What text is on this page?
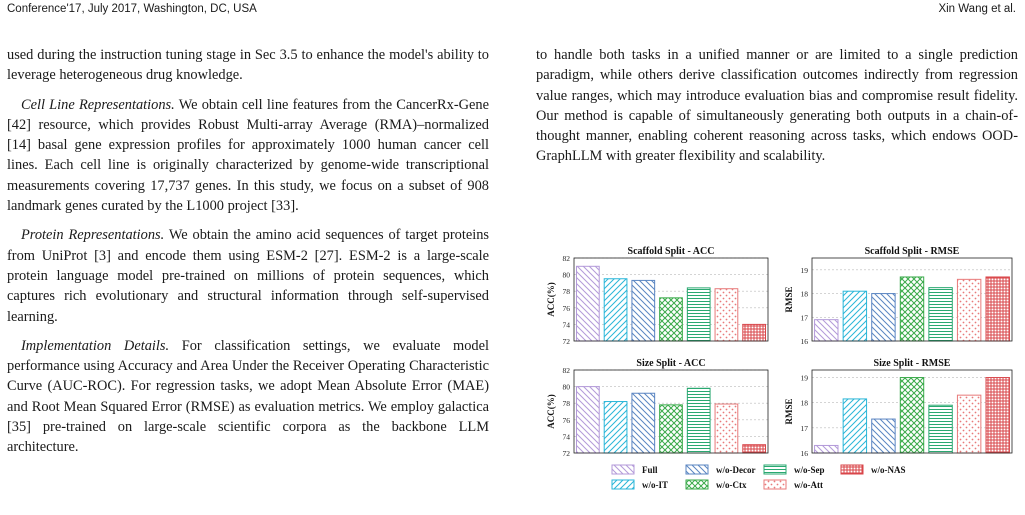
Conference'17, July 2017, Washington, DC, USA	Xin Wang et al.

used during the instruction tuning stage in Sec 3.5 to enhance the model's ability to leverage heterogeneous drug knowledge.

Cell Line Representations. We obtain cell line features from the CancerRx-Gene [42] resource, which provides Robust Multi-array Average (RMA)–normalized [14] basal gene expression profiles for approximately 1000 human cancer cell lines. Each cell line is originally characterized by genome-wide transcriptional measurements covering 17,737 genes. In this study, we focus on a subset of 908 landmark genes curated by the L1000 project [33].

Protein Representations. We obtain the amino acid sequences of target proteins from UniProt [3] and encode them using ESM-2 [27]. ESM-2 is a large-scale protein language model pre-trained on millions of protein sequences, which captures rich evolutionary and structural information through self-supervised learning.

Implementation Details. For classification settings, we evaluate model performance using Accuracy and Area Under the Receiver Operating Characteristic Curve (AUC-ROC). For regression tasks, we adopt Mean Absolute Error (MAE) and Root Mean Squared Error (RMSE) as evaluation metrics. We employ galactica [35] pre-trained on large-scale scientific corpora as the backbone LLM architecture.

to handle both tasks in a unified manner or are limited to a single prediction paradigm, while others derive classification outcomes indirectly from regression value ranges, which may introduce evaluation bias and compromise result fidelity. Our method is capable of simultaneously generating both outputs in a chain-of-thought manner, enabling coherent reasoning across tasks, which endows OOD-GraphLLM with greater flexibility and scalability.

72
74
76
78
80
82
Scaffold Split - ACC
ACC(%)
16
17
18
19
Scaffold Split - RMSE
RMSE
72
74
76
78
80
82
Size Split - ACC
ACC(%)
16
17
18
19
Size Split - RMSE
RMSE
Full	w/o-Decor	w/o-Sep	w/o-NAS
w/o-IT	w/o-Ctx	w/o-Att
